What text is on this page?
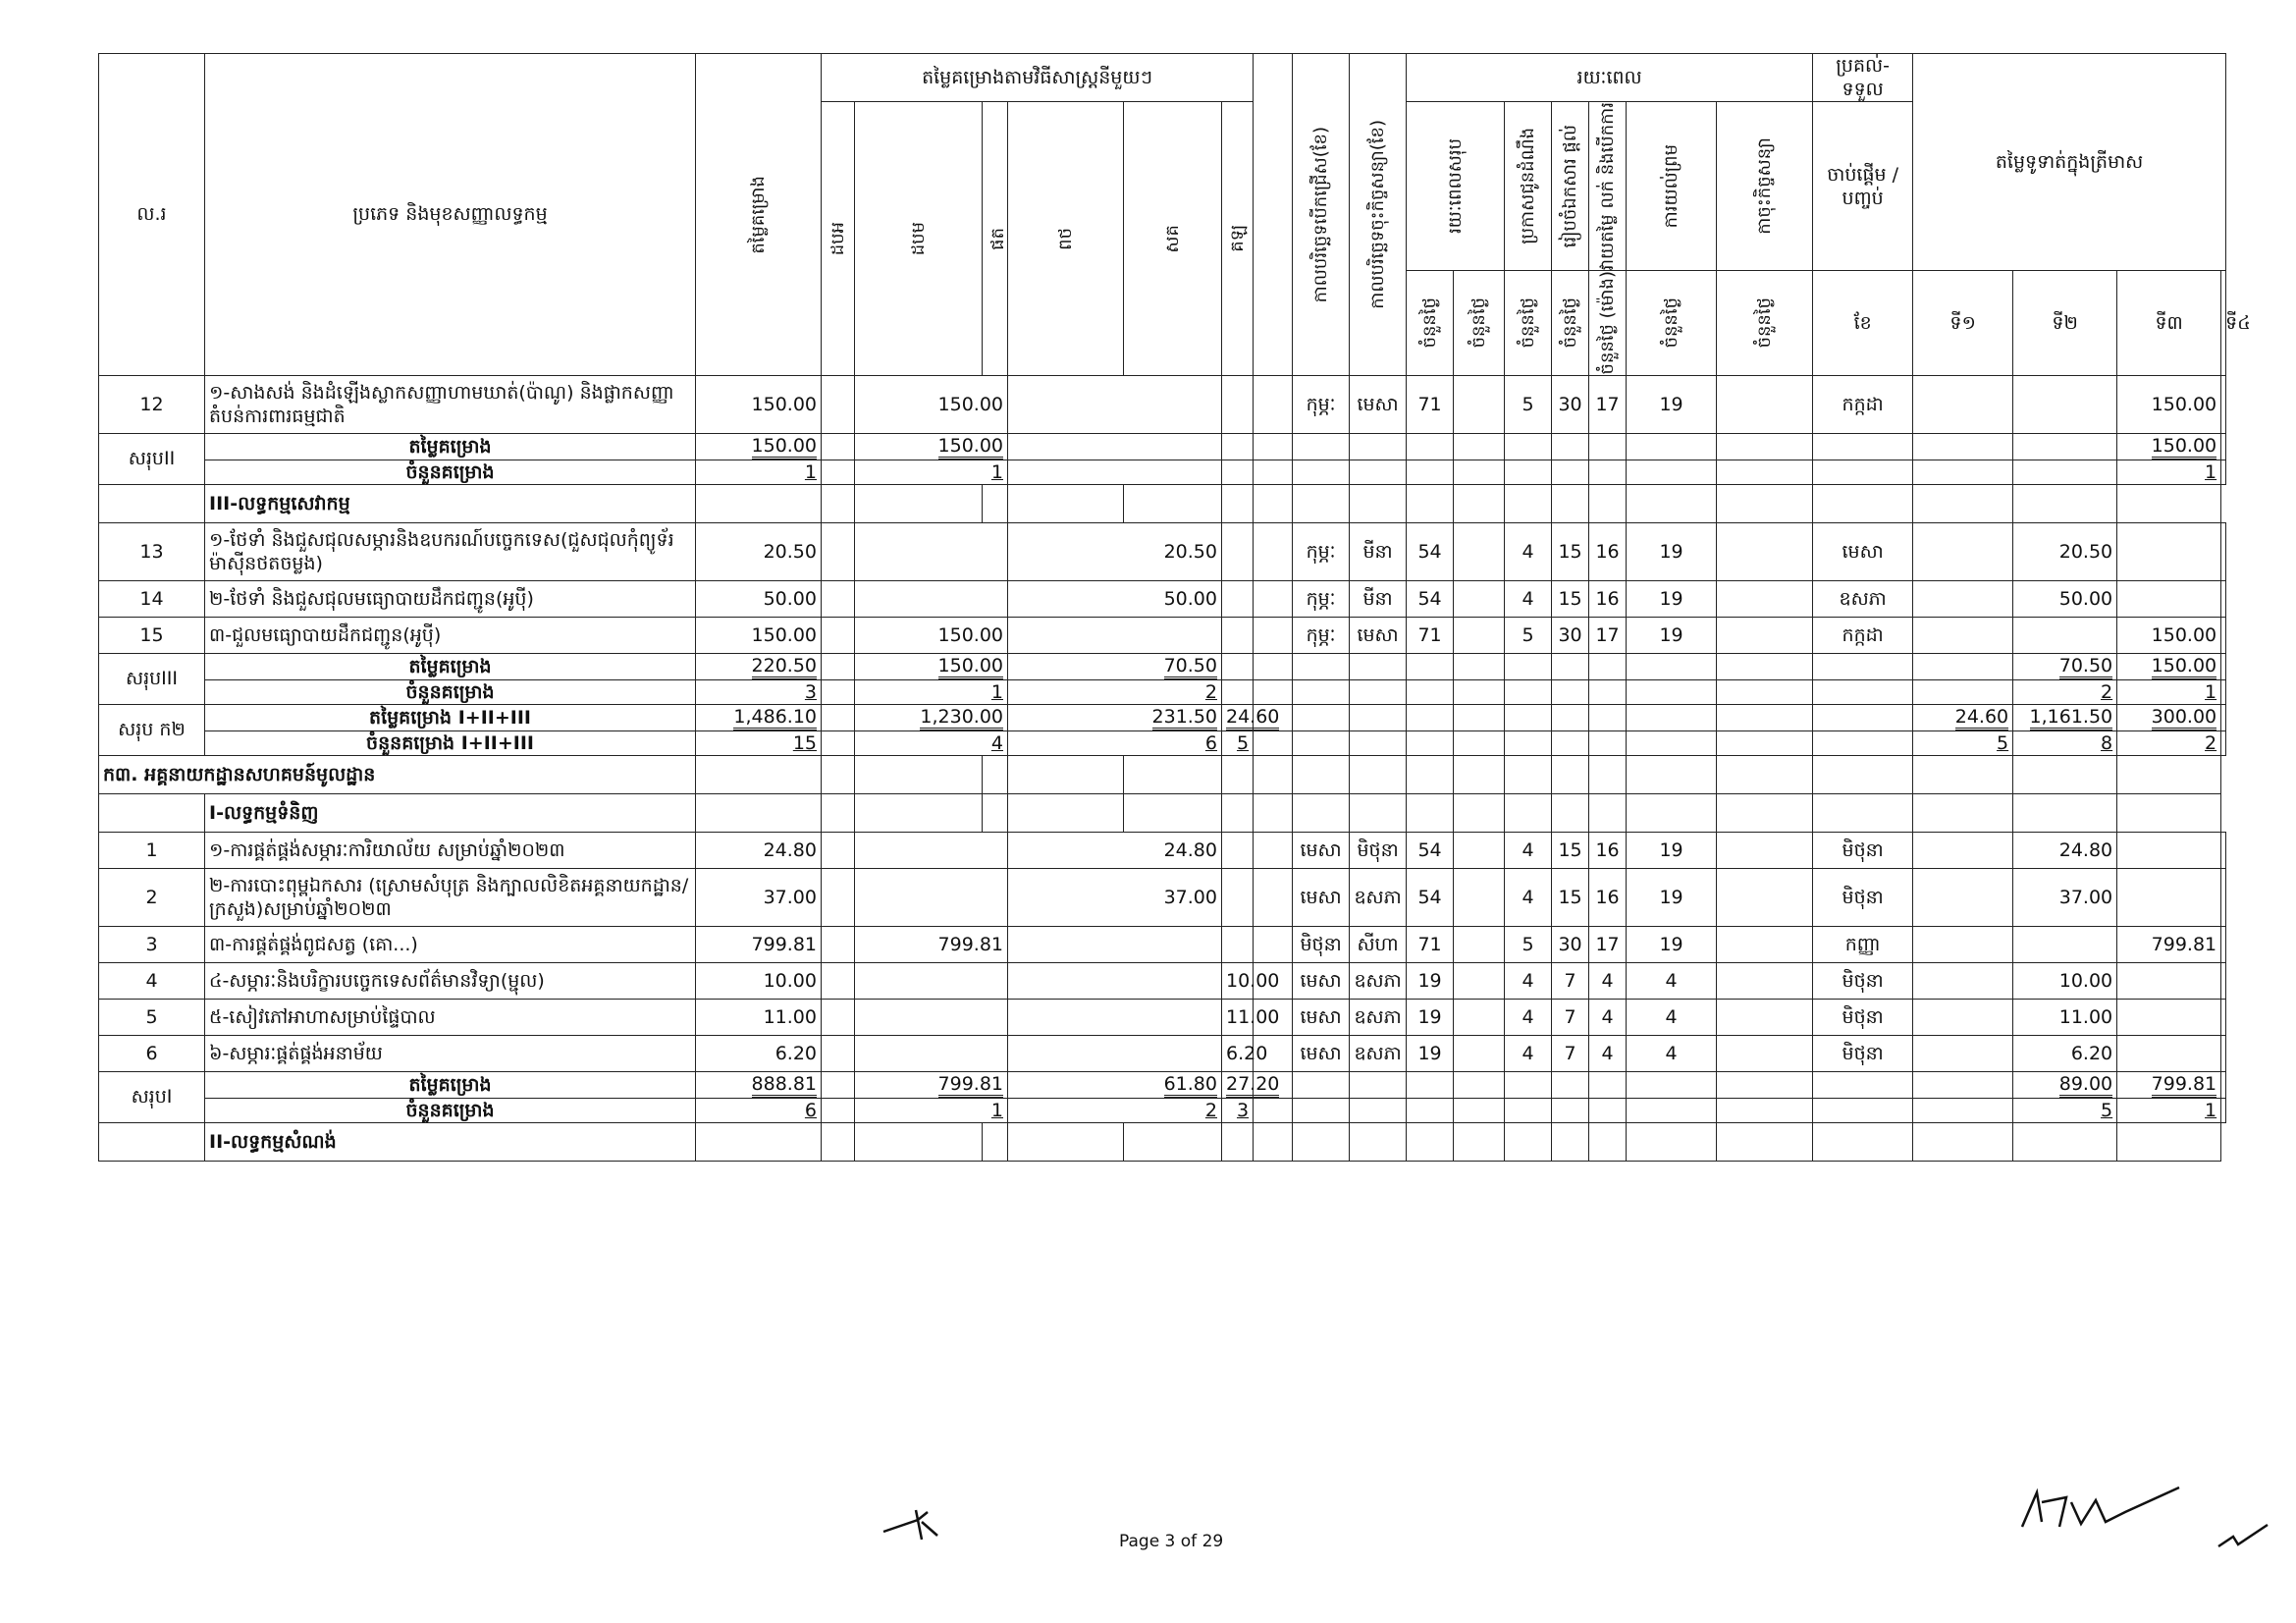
ល.រ	ប្រភេទ និងមុខសញ្ញាលទ្ធកម្ម	តម្លៃគម្រោង	តម្លៃគម្រោងតាមវិធីសាស្រ្តនីមួយៗ							កាលបរិច្ឆេទបើកជ្រើស(ខែ)	កាលបរិច្ឆេទចុះកិច្ចសន្យា(ខែ)	រយៈពេល							ប្រគល់-ទទួល	តម្លៃទូទាត់ក្នុងត្រីមាស			

			ដបអ	ដបម	ផត	ពថ	សគ	គឡ				រយៈពេលសរុប		ប្រកាសជូនដំណឹង	រៀបចំឯកសារ ផ្ដល់	វាយតម្លៃ លក់ និងបើកការ	ការយល់ព្រម	កាចុះកិច្ចសន្យា	ចាប់ផ្ដើម / បញ្ចប់				

												ចំនួនថ្ងៃ	ចំនួនថ្ងៃ	ចំនួនថ្ងៃ	ចំនួនថ្ងៃ	ចំនួនថ្ងៃ (ម៉ោង)	ចំនួនថ្ងៃ	ចំនួនថ្ងៃ	ខែ	ទី១	ទី២	ទី៣	ទី៤
12	១-សាងសង់ និងដំឡើងស្លាកសញ្ញាហាមឃាត់(ប៉ាណូ) និងផ្លាកសញ្ញាតំបន់ការពារធម្មជាតិ	150.00		150.00						កុម្ភៈ	មេសា	71		5	30	17	19		កក្កដា			150.00	
សរុបII	តម្លៃគម្រោង	150.00		150.00																		150.00	
	ចំនួនគម្រោង	1		1																		1	
	III-លទ្ធកម្មសេវាកម្ម																						
13	១-ថែទាំ និងជួសជុលសម្ភារនិងឧបករណ៍បច្ចេកទេស(ជួសជុលកុំព្យូទ័រ ម៉ាស៊ីនថតចម្លង)	20.50				20.50				កុម្ភៈ	មីនា	54		4	15	16	19		មេសា		20.50		
14	២-ថែទាំ និងជួសជុលមធ្យោបាយដឹកជញ្ជូន(អូប៉ី)	50.00				50.00				កុម្ភៈ	មីនា	54		4	15	16	19		ឧសភា		50.00		
15	៣-ជួលមធ្យោបាយដឹកជញ្ជូន(អូប៉ី)	150.00		150.00						កុម្ភៈ	មេសា	71		5	30	17	19		កក្កដា			150.00	
សរុបIII	តម្លៃគម្រោង	220.50		150.00		70.50															70.50	150.00	
	ចំនួនគម្រោង	3		1		2															2	1	
សរុប ក២	តម្លៃគម្រោង I+II+III	1,486.10		1,230.00		231.50		24.60												24.60	1,161.50	300.00	
	ចំនួនគម្រោង I+II+III	15		4		6		5												5	8	2	
ក៣. អគ្គនាយកដ្ឋានសហគមន៍មូលដ្ឋាន																							
	I-លទ្ធកម្មទំនិញ																						
1	១-ការផ្គត់ផ្គង់សម្ភារៈការិយាល័យ សម្រាប់ឆ្នាំ២០២៣	24.80				24.80				មេសា	មិថុនា	54		4	15	16	19		មិថុនា		24.80		
2	២-ការបោះពុម្ពឯកសារ (ស្រោមសំបុត្រ និងក្បាលលិខិតអគ្គនាយកដ្ឋាន/ក្រសួង)សម្រាប់ឆ្នាំ២០២៣	37.00				37.00				មេសា	ឧសភា	54		4	15	16	19		មិថុនា		37.00		
3	៣-ការផ្គត់ផ្គង់ពូជសត្វ (គោ...)	799.81		799.81						មិថុនា	សីហា	71		5	30	17	19		កញ្ញា			799.81	
4	៤-សម្ភារៈនិងបរិក្ខារបច្ចេកទេសព័ត៌មានវិទ្យា(ម្ជុល)	10.00						10.00		មេសា	ឧសភា	19		4	7	4	4		មិថុនា		10.00		
5	៥-សៀវភៅអាហាសម្រាប់ផ្ទៃបាល	11.00						11.00		មេសា	ឧសភា	19		4	7	4	4		មិថុនា		11.00		
6	៦-សម្ភារៈផ្គត់ផ្គង់អនាម័យ	6.20						6.20		មេសា	ឧសភា	19		4	7	4	4		មិថុនា		6.20		
សរុបI	តម្លៃគម្រោង	888.81		799.81		61.80		27.20													89.00	799.81	
	ចំនួនគម្រោង	6		1		2		3													5	1	
	II-លទ្ធកម្មសំណង់																						
Page 3 of 29
